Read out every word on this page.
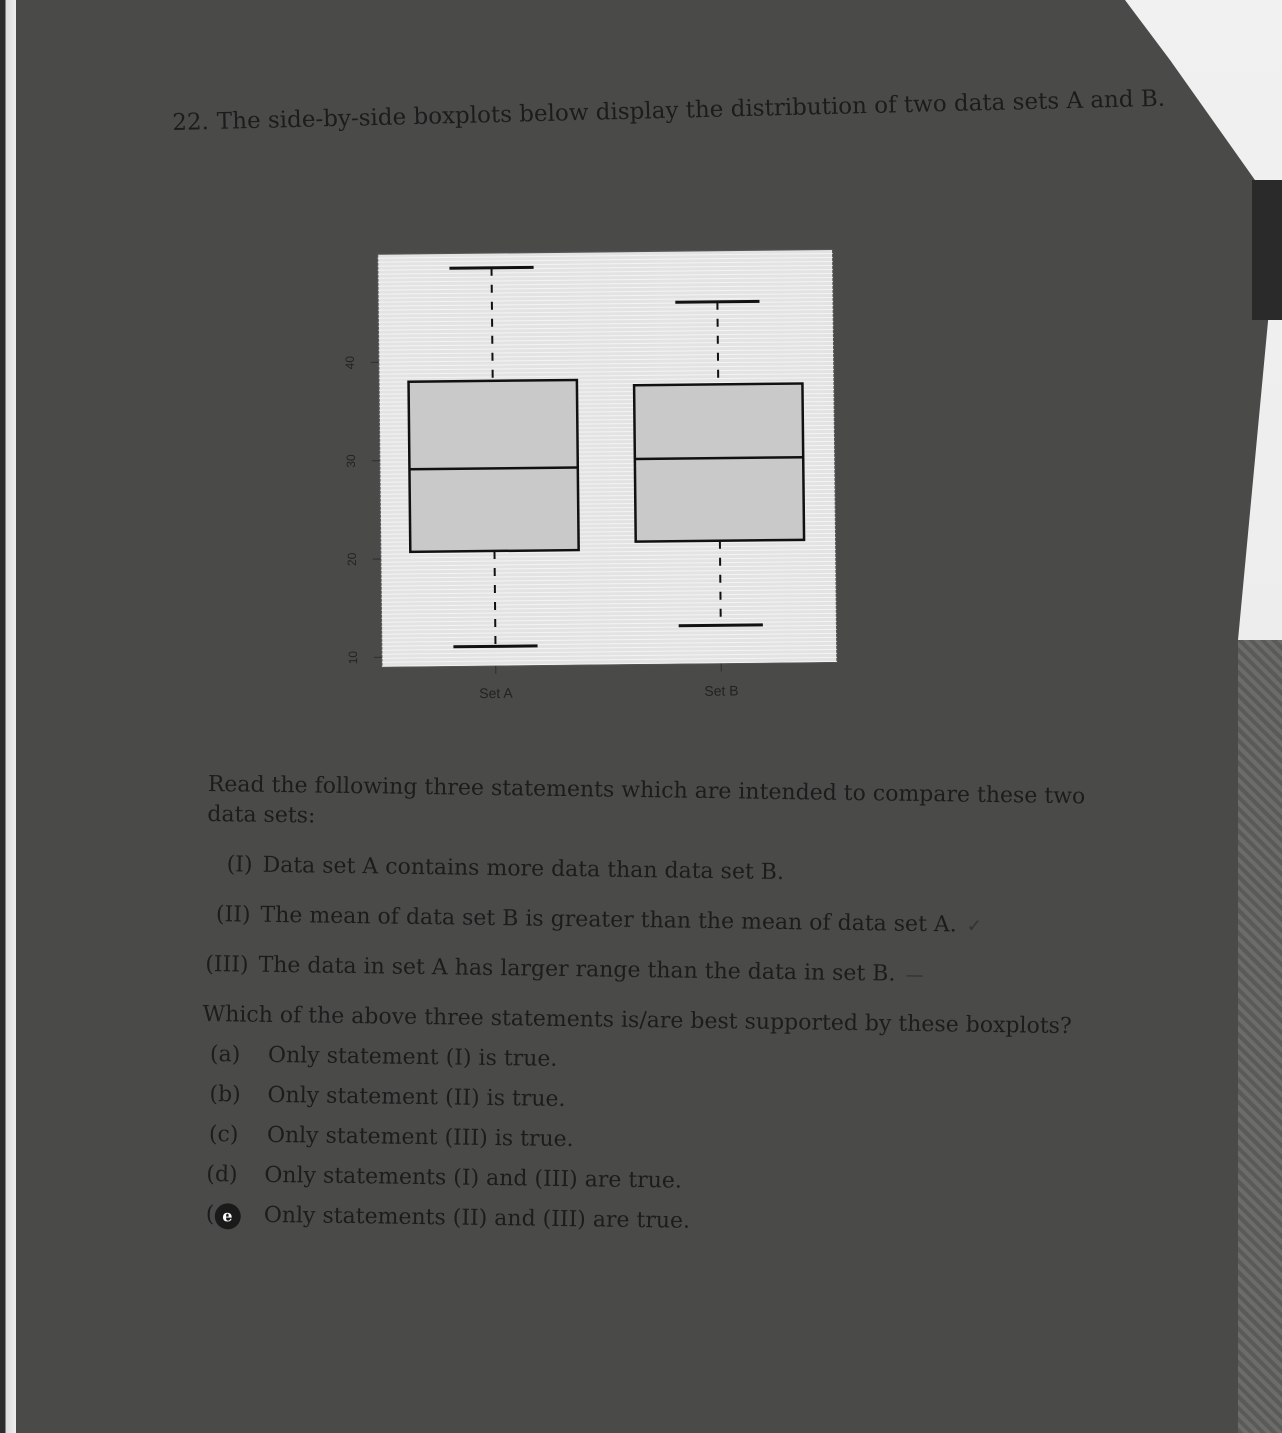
22. The side-by-side boxplots below display the distribution of two data sets A and B.
10
20
30
40
Set A	Set B

Read the following three statements which are intended to compare these two data sets:

(I) Data set A contains more data than data set B.
(II) The mean of data set B is greater than the mean of data set A. ✓
(III) The data in set A has larger range than the data in set B. —

Which of the above three statements is/are best supported by these boxplots?

(a) Only statement (I) is true.
(b) Only statement (II) is true.
(c) Only statement (III) is true.
(d) Only statements (I) and (III) are true.
( e Only statements (II) and (III) are true.
